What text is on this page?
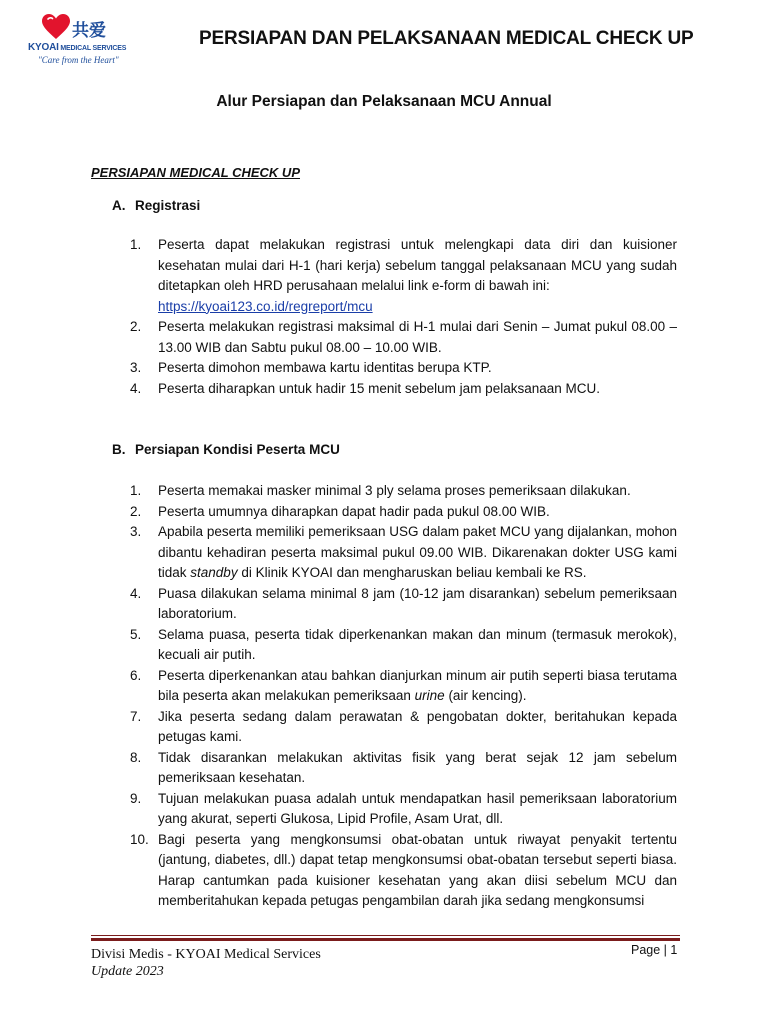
共爱
KYOAI MEDICAL SERVICES
"Care from the Heart"
PERSIAPAN DAN PELAKSANAAN MEDICAL CHECK UP
Alur Persiapan dan Pelaksanaan MCU Annual
PERSIAPAN MEDICAL CHECK UP
A. Registrasi
1.	Peserta dapat melakukan registrasi untuk melengkapi data diri dan kuisioner kesehatan mulai dari H-1 (hari kerja) sebelum tanggal pelaksanaan MCU yang sudah ditetapkan oleh HRD perusahaan melalui link e-form di bawah ini:
https://kyoai123.co.id/regreport/mcu
2.	Peserta melakukan registrasi maksimal di H-1 mulai dari Senin – Jumat pukul 08.00 – 13.00 WIB dan Sabtu pukul 08.00 – 10.00 WIB.
3.	Peserta dimohon membawa kartu identitas berupa KTP.
4.	Peserta diharapkan untuk hadir 15 menit sebelum jam pelaksanaan MCU.
B. Persiapan Kondisi Peserta MCU
1.	Peserta memakai masker minimal 3 ply selama proses pemeriksaan dilakukan.
2.	Peserta umumnya diharapkan dapat hadir pada pukul 08.00 WIB.
3.	Apabila peserta memiliki pemeriksaan USG dalam paket MCU yang dijalankan, mohon dibantu kehadiran peserta maksimal pukul 09.00 WIB. Dikarenakan dokter USG kami tidak standby di Klinik KYOAI dan mengharuskan beliau kembali ke RS.
4.	Puasa dilakukan selama minimal 8 jam (10-12 jam disarankan) sebelum pemeriksaan laboratorium.
5.	Selama puasa, peserta tidak diperkenankan makan dan minum (termasuk merokok), kecuali air putih.
6.	Peserta diperkenankan atau bahkan dianjurkan minum air putih seperti biasa terutama bila peserta akan melakukan pemeriksaan urine (air kencing).
7.	Jika peserta sedang dalam perawatan & pengobatan dokter, beritahukan kepada petugas kami.
8.	Tidak disarankan melakukan aktivitas fisik yang berat sejak 12 jam sebelum pemeriksaan kesehatan.
9.	Tujuan melakukan puasa adalah untuk mendapatkan hasil pemeriksaan laboratorium yang akurat, seperti Glukosa, Lipid Profile, Asam Urat, dll.
10. Bagi peserta yang mengkonsumsi obat-obatan untuk riwayat penyakit tertentu (jantung, diabetes, dll.) dapat tetap mengkonsumsi obat-obatan tersebut seperti biasa. Harap cantumkan pada kuisioner kesehatan yang akan diisi sebelum MCU dan memberitahukan kepada petugas pengambilan darah jika sedang mengkonsumsi
Divisi Medis - KYOAI Medical Services
Update 2023
Page | 1
